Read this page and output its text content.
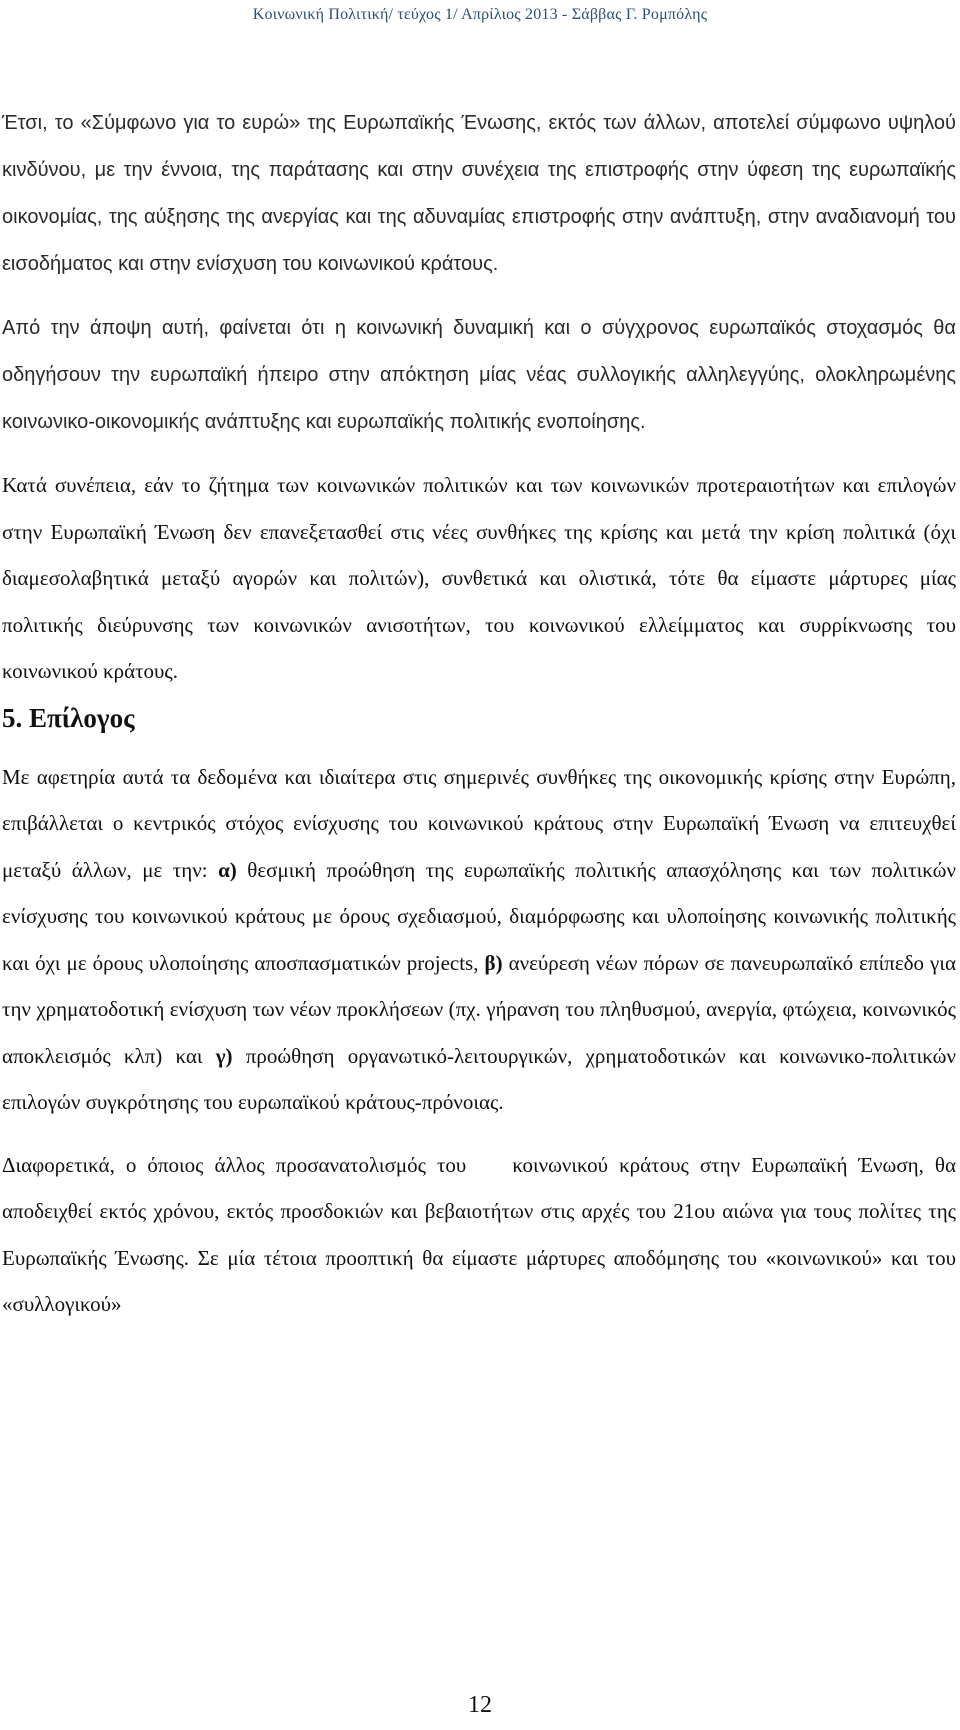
Κοινωνική Πολιτική/ τεύχος 1/ Απρίλιος 2013 - Σάββας Γ. Ρομπόλης

Έτσι, το «Σύμφωνο για το ευρώ» της Ευρωπαϊκής Ένωσης, εκτός των άλλων, αποτελεί σύμφωνο υψηλού κινδύνου, με την έννοια, της παράτασης και στην συνέχεια της επιστροφής στην ύφεση της ευρωπαϊκής οικονομίας, της αύξησης της ανεργίας και της αδυναμίας επιστροφής στην ανάπτυξη, στην αναδιανομή του εισοδήματος και στην ενίσχυση του κοινωνικού κράτους.

Από την άποψη αυτή, φαίνεται ότι η κοινωνική δυναμική και ο σύγχρονος ευρωπαϊκός στοχασμός θα οδηγήσουν την ευρωπαϊκή ήπειρο στην απόκτηση μίας νέας συλλογικής αλληλεγγύης, ολοκληρωμένης κοινωνικο-οικονομικής ανάπτυξης και ευρωπαϊκής πολιτικής ενοποίησης.

Κατά συνέπεια, εάν το ζήτημα των κοινωνικών πολιτικών και των κοινωνικών προτεραιοτήτων και επιλογών στην Ευρωπαϊκή Ένωση δεν επανεξετασθεί στις νέες συνθήκες της κρίσης και μετά την κρίση πολιτικά (όχι διαμεσολαβητικά μεταξύ αγορών και πολιτών), συνθετικά και ολιστικά, τότε θα είμαστε μάρτυρες μίας πολιτικής διεύρυνσης των κοινωνικών ανισοτήτων, του κοινωνικού ελλείμματος και συρρίκνωσης του κοινωνικού κράτους.

5. Επίλογος

Με αφετηρία αυτά τα δεδομένα και ιδιαίτερα στις σημερινές συνθήκες της οικονομικής κρίσης στην Ευρώπη, επιβάλλεται ο κεντρικός στόχος ενίσχυσης του κοινωνικού κράτους στην Ευρωπαϊκή Ένωση να επιτευχθεί μεταξύ άλλων, με την: α) θεσμική προώθηση της ευρωπαϊκής πολιτικής απασχόλησης και των πολιτικών ενίσχυσης του κοινωνικού κράτους με όρους σχεδιασμού, διαμόρφωσης και υλοποίησης κοινωνικής πολιτικής και όχι με όρους υλοποίησης αποσπασματικών projects, β) ανεύρεση νέων πόρων σε πανευρωπαϊκό επίπεδο για την χρηματοδοτική ενίσχυση των νέων προκλήσεων (πχ. γήρανση του πληθυσμού, ανεργία, φτώχεια, κοινωνικός αποκλεισμός κλπ) και γ) προώθηση οργανωτικό-λειτουργικών, χρηματοδοτικών και κοινωνικο-πολιτικών επιλογών συγκρότησης του ευρωπαϊκού κράτους-πρόνοιας.

Διαφορετικά, ο όποιος άλλος προσανατολισμός του κοινωνικού κράτους στην Ευρωπαϊκή Ένωση, θα αποδειχθεί εκτός χρόνου, εκτός προσδοκιών και βεβαιοτήτων στις αρχές του 21ου αιώνα για τους πολίτες της Ευρωπαϊκής Ένωσης. Σε μία τέτοια προοπτική θα είμαστε μάρτυρες αποδόμησης του «κοινωνικού» και του «συλλογικού»

12
